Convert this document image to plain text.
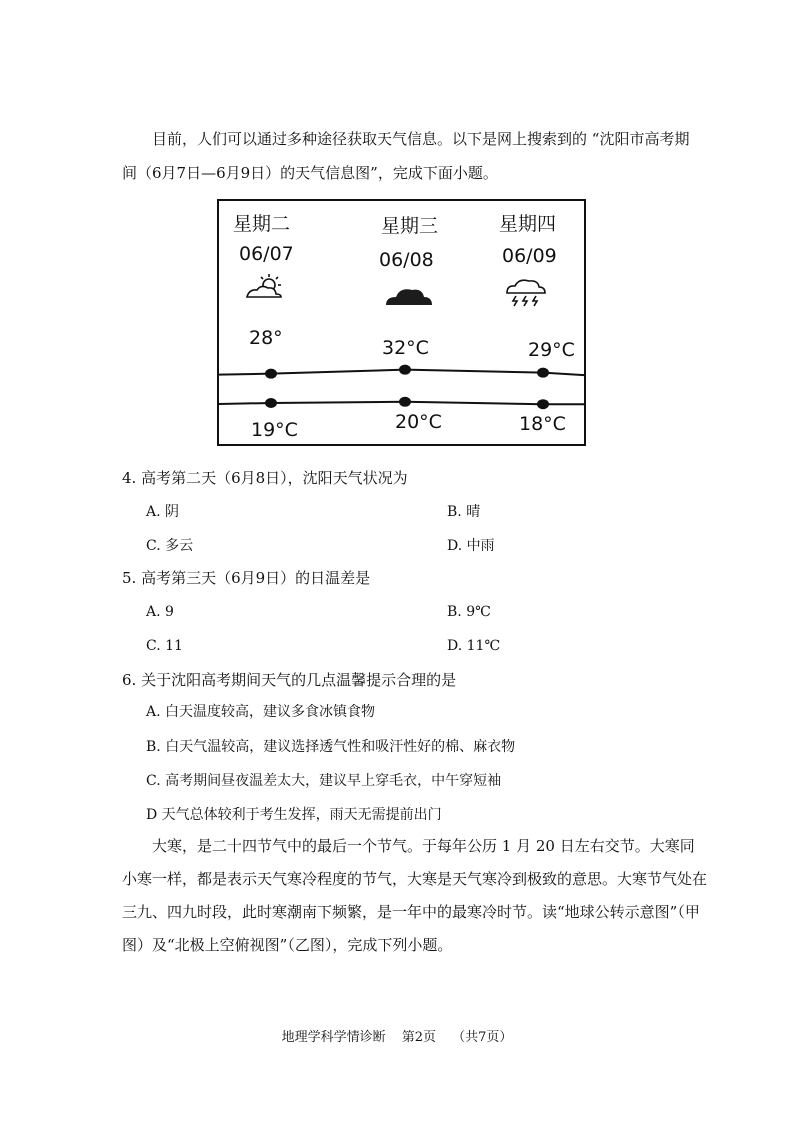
目前，人们可以通过多种途径获取天气信息。以下是网上搜索到的 “沈阳市高考期间（6月7日—6月9日）的天气信息图”，完成下面小题。

星期二	星期三	星期四
06/07	06/08	06/09
28°	32°C	29°C
19°C	20°C	18°C
4. 高考第二天（6月8日），沈阳天气状况为
A. 阴	B. 晴
C. 多云	D. 中雨
5. 高考第三天（6月9日）的日温差是
A. 9	B. 9℃
C. 11	D. 11℃
6. 关于沈阳高考期间天气的几点温馨提示合理的是
A. 白天温度较高，建议多食冰镇食物
B. 白天气温较高，建议选择透气性和吸汗性好的棉、麻衣物
C. 高考期间昼夜温差太大，建议早上穿毛衣，中午穿短袖
D 天气总体较利于考生发挥，雨天无需提前出门

大寒，是二十四节气中的最后一个节气。于每年公历 1 月 20 日左右交节。大寒同小寒一样，都是表示天气寒冷程度的节气，大寒是天气寒冷到极致的意思。大寒节气处在三九、四九时段，此时寒潮南下频繁，是一年中的最寒冷时节。读“地球公转示意图”（甲图）及“北极上空俯视图”（乙图），完成下列小题。

地理学科学情诊断 第2页 （共7页）
